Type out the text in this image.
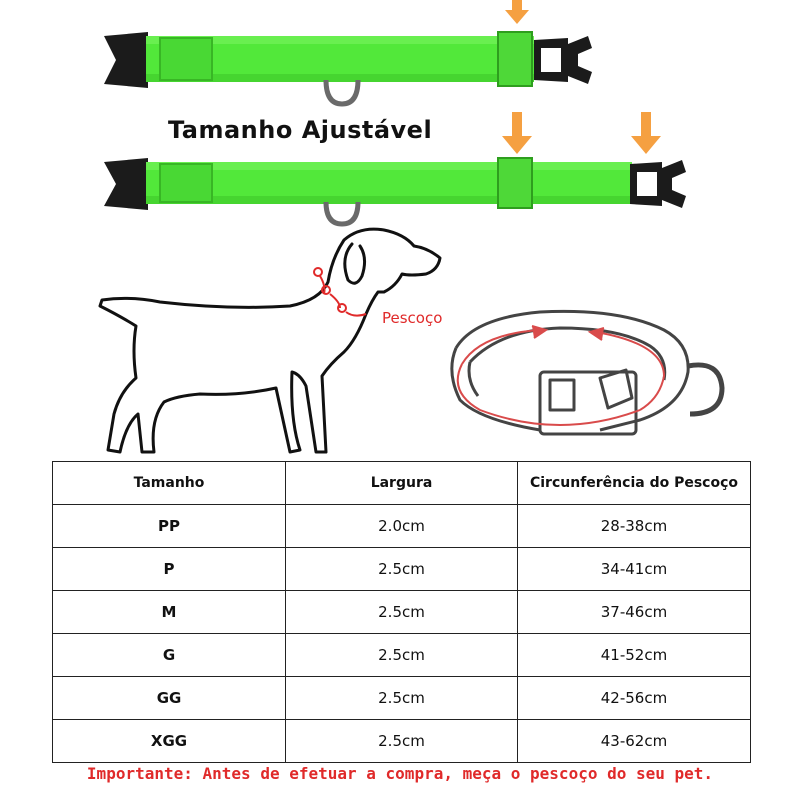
Tamanho Ajustável
Pescoço
Tamanho	Largura	Circunferência do Pescoço
PP	2.0cm	28-38cm
P	2.5cm	34-41cm
M	2.5cm	37-46cm
G	2.5cm	41-52cm
GG	2.5cm	42-56cm
XGG	2.5cm	43-62cm
Importante: Antes de efetuar a compra, meça o pescoço do seu pet.
